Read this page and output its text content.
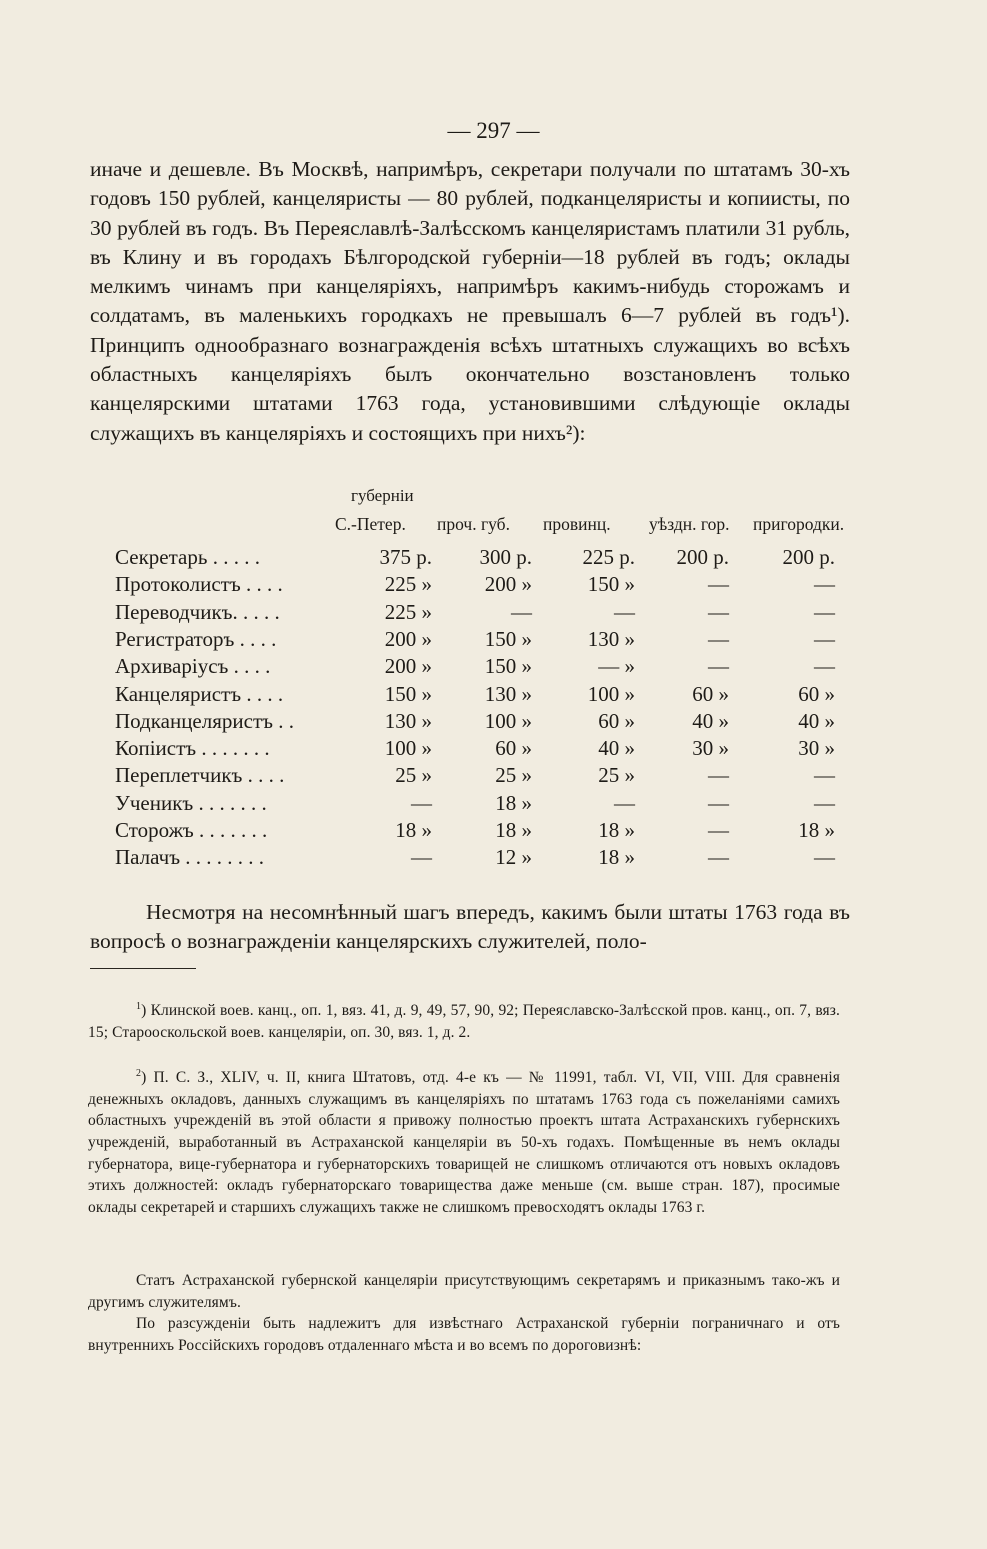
— 297 —

иначе и дешевле. Въ Москвѣ, напримѣръ, секретари получали по штатамъ 30-хъ годовъ 150 рублей, канцеляристы — 80 рублей, подканцеляристы и копиисты, по 30 рублей въ годъ. Въ Переяславлѣ-Залѣсскомъ канцеляристамъ платили 31 рубль, въ Клину и въ городахъ Бѣлгородской губерніи—18 рублей въ годъ; оклады мелкимъ чинамъ при канцеляріяхъ, напримѣръ какимъ-нибудь сторожамъ и солдатамъ, въ маленькихъ городкахъ не превышалъ 6—7 рублей въ годъ¹). Принципъ однообразнаго вознагражденія всѣхъ штатныхъ служащихъ во всѣхъ областныхъ канцеляріяхъ былъ окончательно возстановленъ только канцелярскими штатами 1763 года, установившими слѣдующіе оклады служащихъ въ канцеляріяхъ и состоящихъ при нихъ²):

губерніи
С.-Петер. проч. губ. провинц. уѣздн. гор. пригородки.
Секретарь . . . . .	375 р. 300 р. 225 р. 200 р.	200 р.
Протоколистъ . . . .	225 »	200 »	150 »	—	—
Переводчикъ. . . . .	225 »	—	—	—	—
Регистраторъ . . . .	200 »	150 »	130 »	—	—
Архиваріусъ . . . .	200 »	150 »	— »	—	—
Канцеляристъ . . . .	150 »	130 »	100 »	60 »	60 »
Подканцеляристъ . .	130 »	100 »	60 »	40 »	40 »
Копіистъ . . . . . . .	100 »	60 »	40 »	30 »	30 »
Переплетчикъ . . . .	25 »	25 »	25 »	—	—
Ученикъ . . . . . . .	—	18 »	—	—	—
Сторожъ . . . . . . .	18 »	18 »	18 »	—	18 »
Палачъ . . . . . . . .	—	12 »	18 »	—	—

Несмотря на несомнѣнный шагъ впередъ, какимъ были штаты 1763 года въ вопросѣ о вознагражденіи канцелярскихъ служителей, поло-

$^1$) Клинской воев. канц., оп. 1, вяз. 41, д. 9, 49, 57, 90, 92; Переяславско-Залѣсской пров. канц., оп. 7, вяз. 15; Старооскольской воев. канцеляріи, оп. 30, вяз. 1, д. 2.

$^2$) П. С. З., XLIV, ч. II, книга Штатовъ, отд. 4-е къ — № 11991, табл. VI, VII, VIII. Для сравненія денежныхъ окладовъ, данныхъ служащимъ въ канцеляріяхъ по штатамъ 1763 года съ пожеланіями самихъ областныхъ учрежденій въ этой области я привожу полностью проектъ штата Астраханскихъ губернскихъ учрежденій, выработанный въ Астраханской канцеляріи въ 50-хъ годахъ. Помѣщенные въ немъ оклады губернатора, вице-губернатора и губернаторскихъ товарищей не слишкомъ отличаются отъ новыхъ окладовъ этихъ должностей: окладъ губернаторскаго товарищества даже меньше (см. выше стран. 187), просимые оклады секретарей и старшихъ служащихъ также не слишкомъ превосходятъ оклады 1763 г.

Статъ Астраханской губернской канцеляріи присутствующимъ секретарямъ и приказнымъ тако-жъ и другимъ служителямъ.

По разсужденіи быть надлежитъ для извѣстнаго Астраханской губерніи пограничнаго и отъ внутреннихъ Россійскихъ городовъ отдаленнаго мѣста и во всемъ по дороговизнѣ:
